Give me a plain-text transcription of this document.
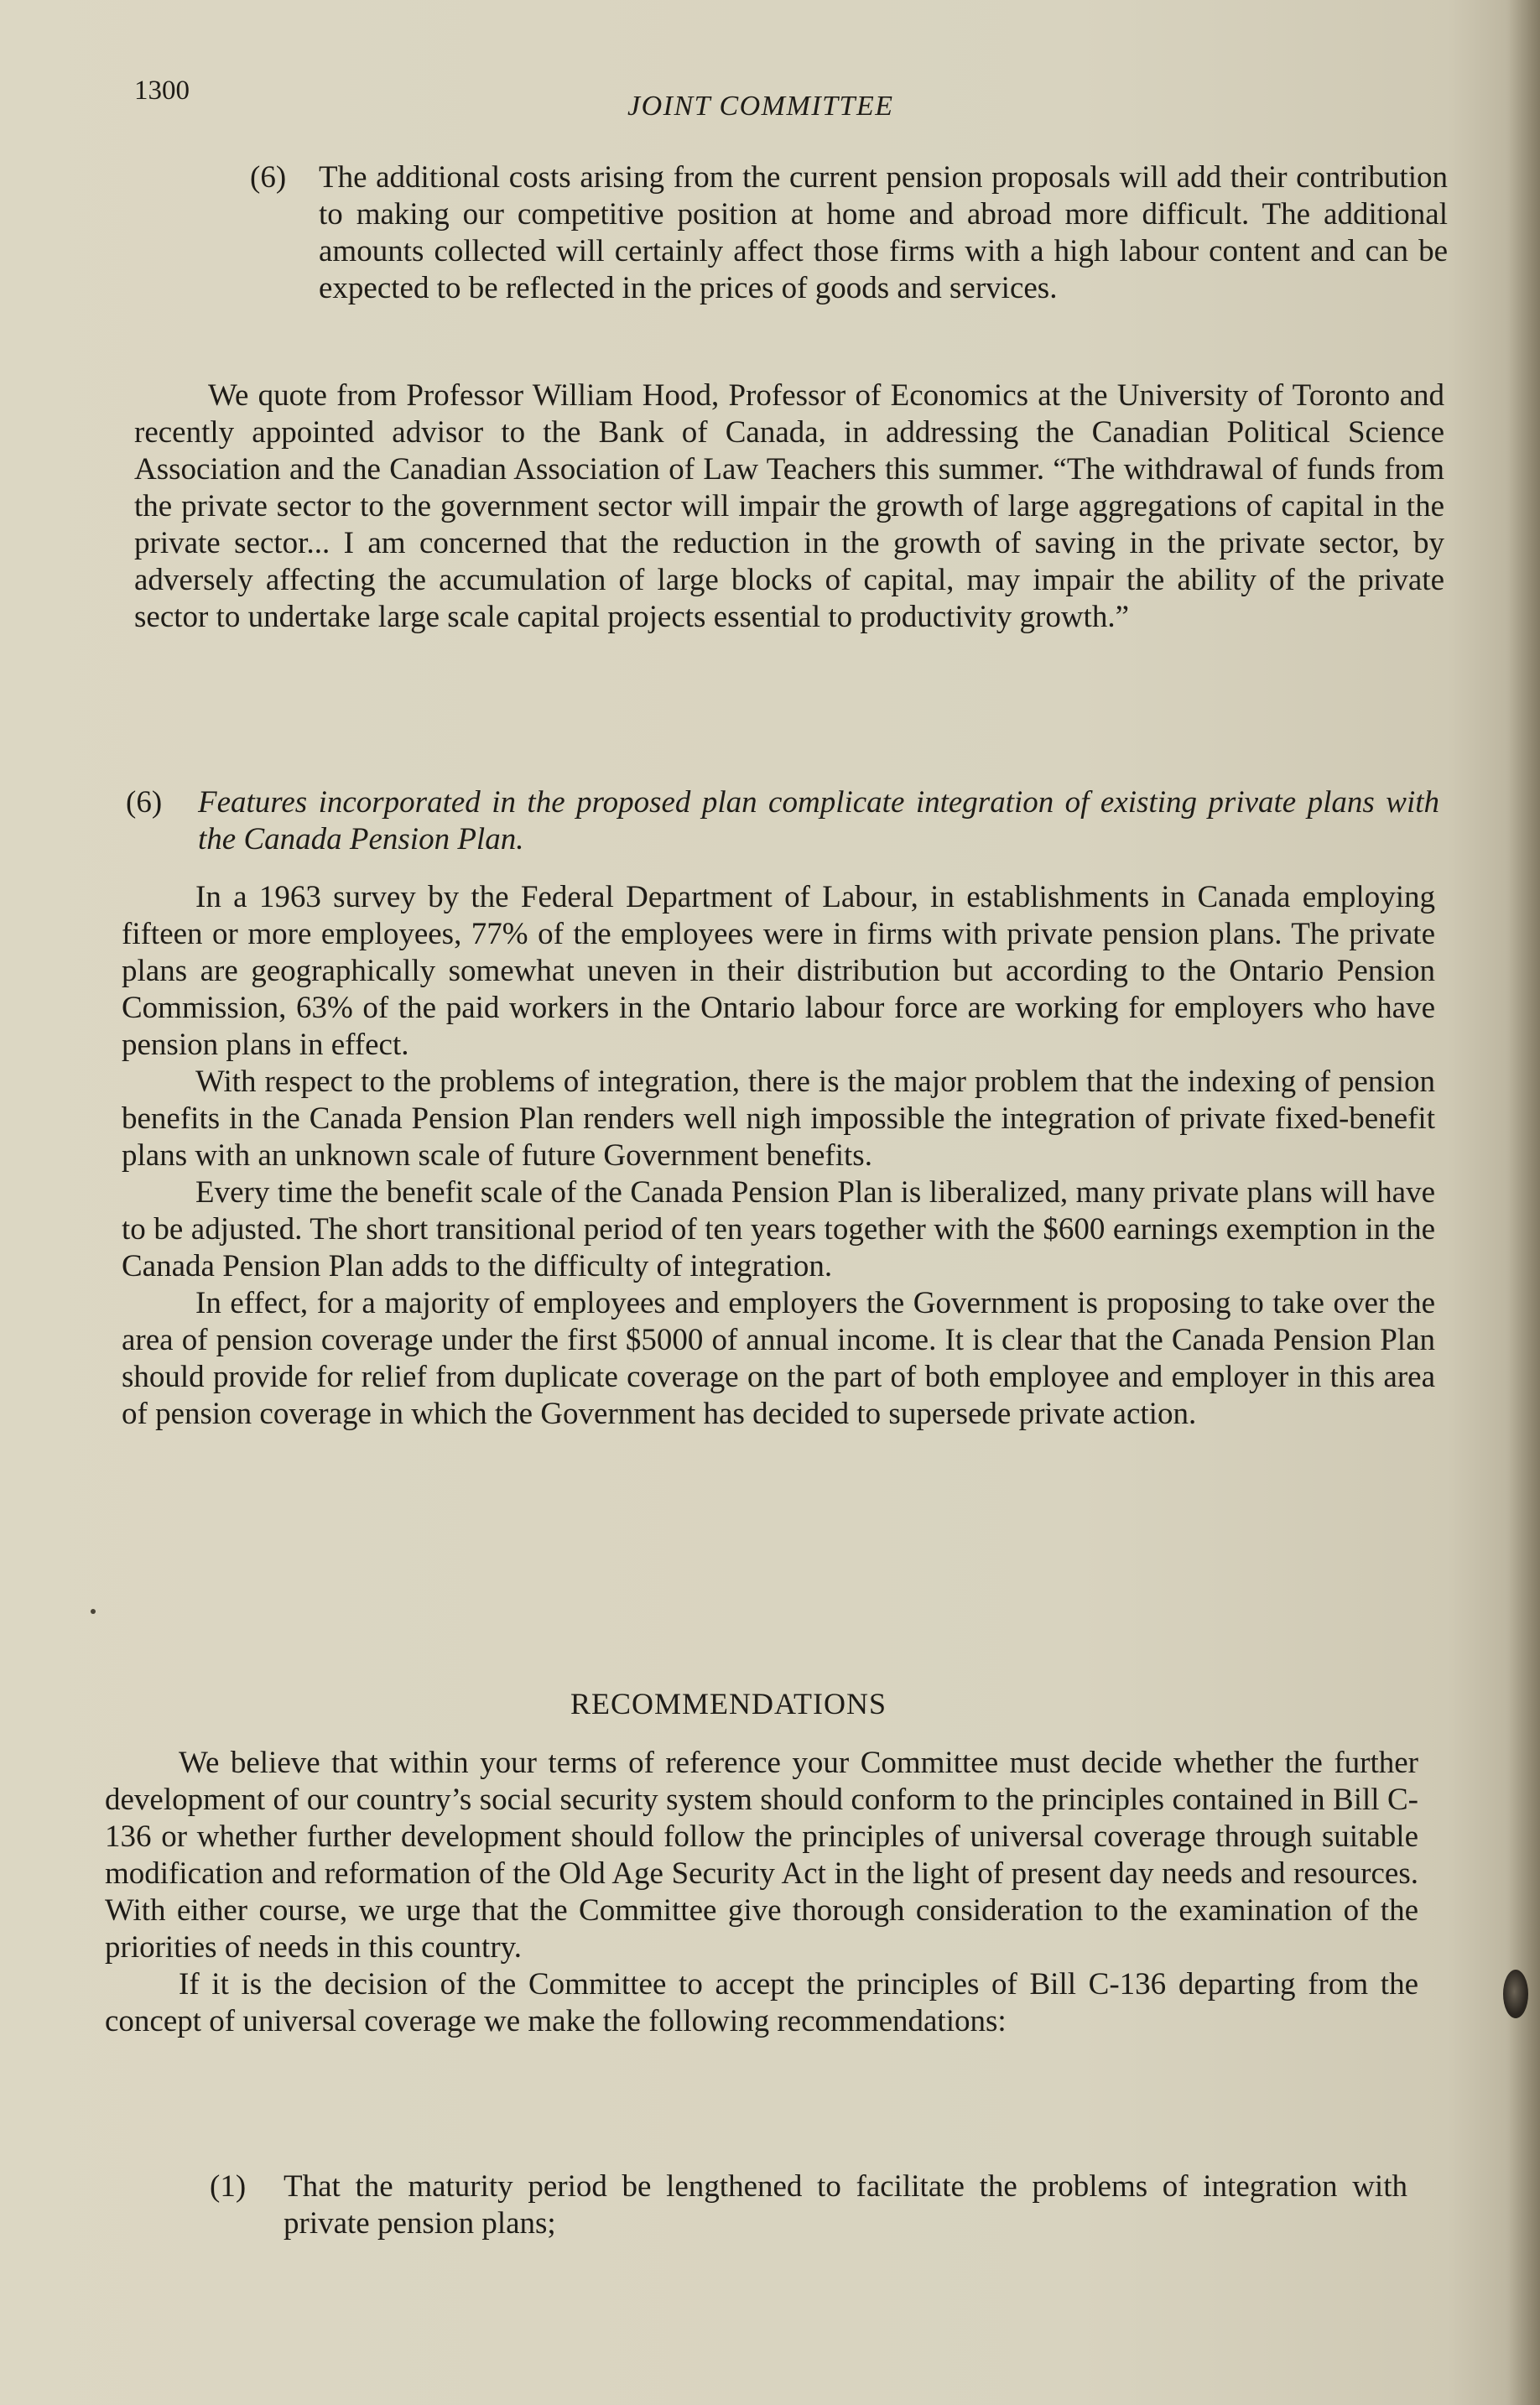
1300	JOINT COMMITTEE
(6)	The additional costs arising from the current pension proposals will add their contribution to making our competitive position at home and abroad more difficult. The additional amounts collected will certainly affect those firms with a high labour content and can be expected to be reflected in the prices of goods and services.

We quote from Professor William Hood, Professor of Economics at the University of Toronto and recently appointed advisor to the Bank of Canada, in addressing the Canadian Political Science Association and the Canadian Association of Law Teachers this summer. “The withdrawal of funds from the private sector to the government sector will impair the growth of large aggregations of capital in the private sector... I am concerned that the reduction in the growth of saving in the private sector, by adversely affecting the accumulation of large blocks of capital, may impair the ability of the private sector to undertake large scale capital projects essential to productivity growth.”

(6)	Features incorporated in the proposed plan complicate integration of existing private plans with the Canada Pension Plan.

In a 1963 survey by the Federal Department of Labour, in establishments in Canada employing fifteen or more employees, 77% of the employees were in firms with private pension plans. The private plans are geographically somewhat uneven in their distribution but according to the Ontario Pension Commission, 63% of the paid workers in the Ontario labour force are working for employers who have pension plans in effect.

With respect to the problems of integration, there is the major problem that the indexing of pension benefits in the Canada Pension Plan renders well nigh impossible the integration of private fixed-benefit plans with an unknown scale of future Government benefits.

Every time the benefit scale of the Canada Pension Plan is liberalized, many private plans will have to be adjusted. The short transitional period of ten years together with the $600 earnings exemption in the Canada Pension Plan adds to the difficulty of integration.

In effect, for a majority of employees and employers the Government is proposing to take over the area of pension coverage under the first $5000 of annual income. It is clear that the Canada Pension Plan should provide for relief from duplicate coverage on the part of both employee and employer in this area of pension coverage in which the Government has decided to supersede private action.

RECOMMENDATIONS

We believe that within your terms of reference your Committee must decide whether the further development of our country’s social security system should conform to the principles contained in Bill C-136 or whether further development should follow the principles of universal coverage through suitable modification and reformation of the Old Age Security Act in the light of present day needs and resources. With either course, we urge that the Committee give thorough consideration to the examination of the priorities of needs in this country.

If it is the decision of the Committee to accept the principles of Bill C-136 departing from the concept of universal coverage we make the following recommendations:

(1)	That the maturity period be lengthened to facilitate the problems of integration with private pension plans;
